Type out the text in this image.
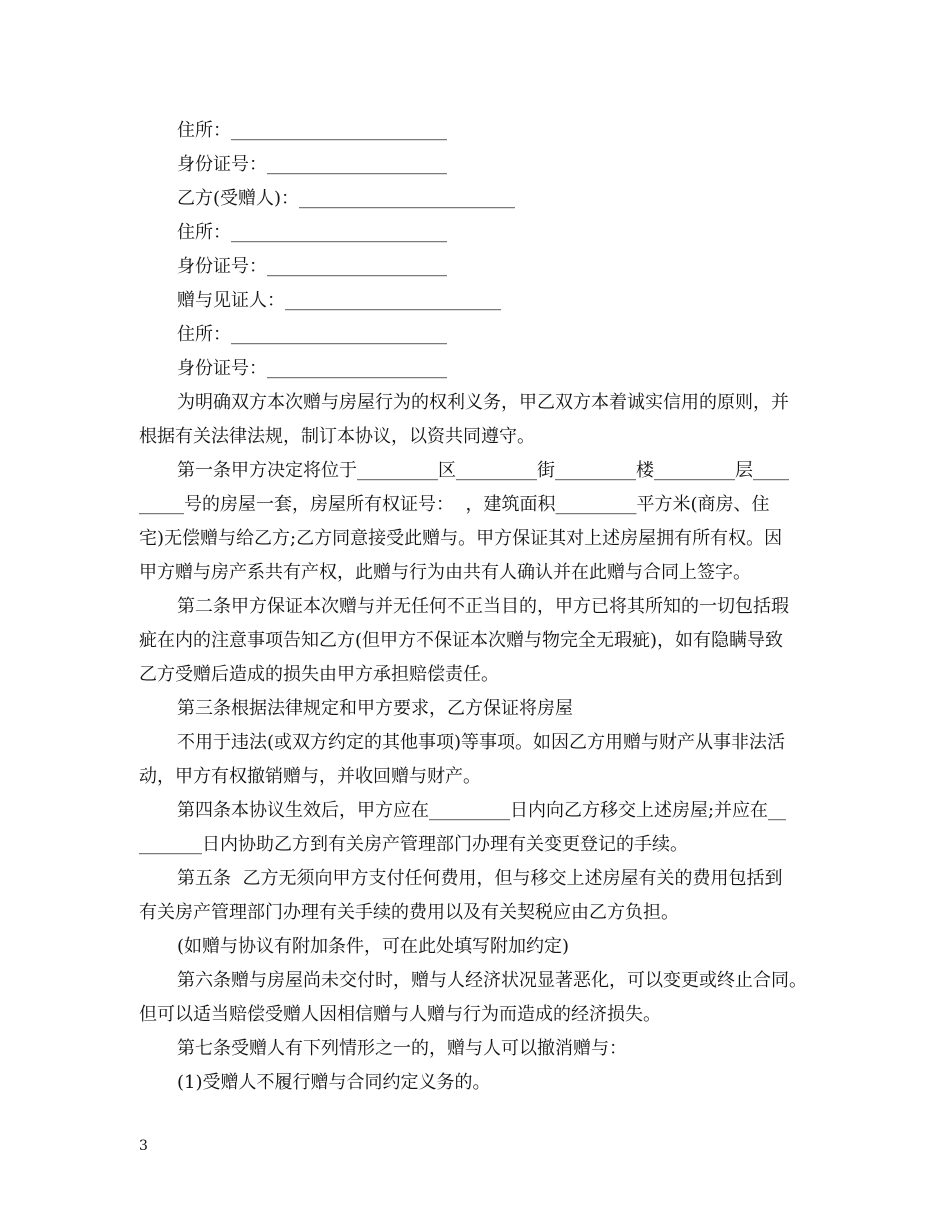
住所：________________________
身份证号：____________________
乙方(受赠人)：________________________
住所：________________________
身份证号：____________________
赠与见证人：________________________
住所：________________________
身份证号：____________________
为明确双方本次赠与房屋行为的权利义务，甲乙双方本着诚实信用的原则，并
根据有关法律法规，制订本协议，以资共同遵守。
第一条甲方决定将位于_________区_________街_________楼_________层____
_____号的房屋一套，房屋所有权证号：  ，建筑面积_________平方米(商房、住
宅)无偿赠与给乙方;乙方同意接受此赠与。甲方保证其对上述房屋拥有所有权。因
甲方赠与房产系共有产权，此赠与行为由共有人确认并在此赠与合同上签字。
第二条甲方保证本次赠与并无任何不正当目的，甲方已将其所知的一切包括瑕
疵在内的注意事项告知乙方(但甲方不保证本次赠与物完全无瑕疵)，如有隐瞒导致
乙方受赠后造成的损失由甲方承担赔偿责任。
第三条根据法律规定和甲方要求，乙方保证将房屋
不用于违法(或双方约定的其他事项)等事项。如因乙方用赠与财产从事非法活
动，甲方有权撤销赠与，并收回赠与财产。
第四条本协议生效后，甲方应在_________日内向乙方移交上述房屋;并应在__
_______日内协助乙方到有关房产管理部门办理有关变更登记的手续。
第五条  乙方无须向甲方支付任何费用，但与移交上述房屋有关的费用包括到
有关房产管理部门办理有关手续的费用以及有关契税应由乙方负担。
(如赠与协议有附加条件，可在此处填写附加约定)
第六条赠与房屋尚未交付时，赠与人经济状况显著恶化，可以变更或终止合同。
但可以适当赔偿受赠人因相信赠与人赠与行为而造成的经济损失。
第七条受赠人有下列情形之一的，赠与人可以撤消赠与：
(1)受赠人不履行赠与合同约定义务的。
3
